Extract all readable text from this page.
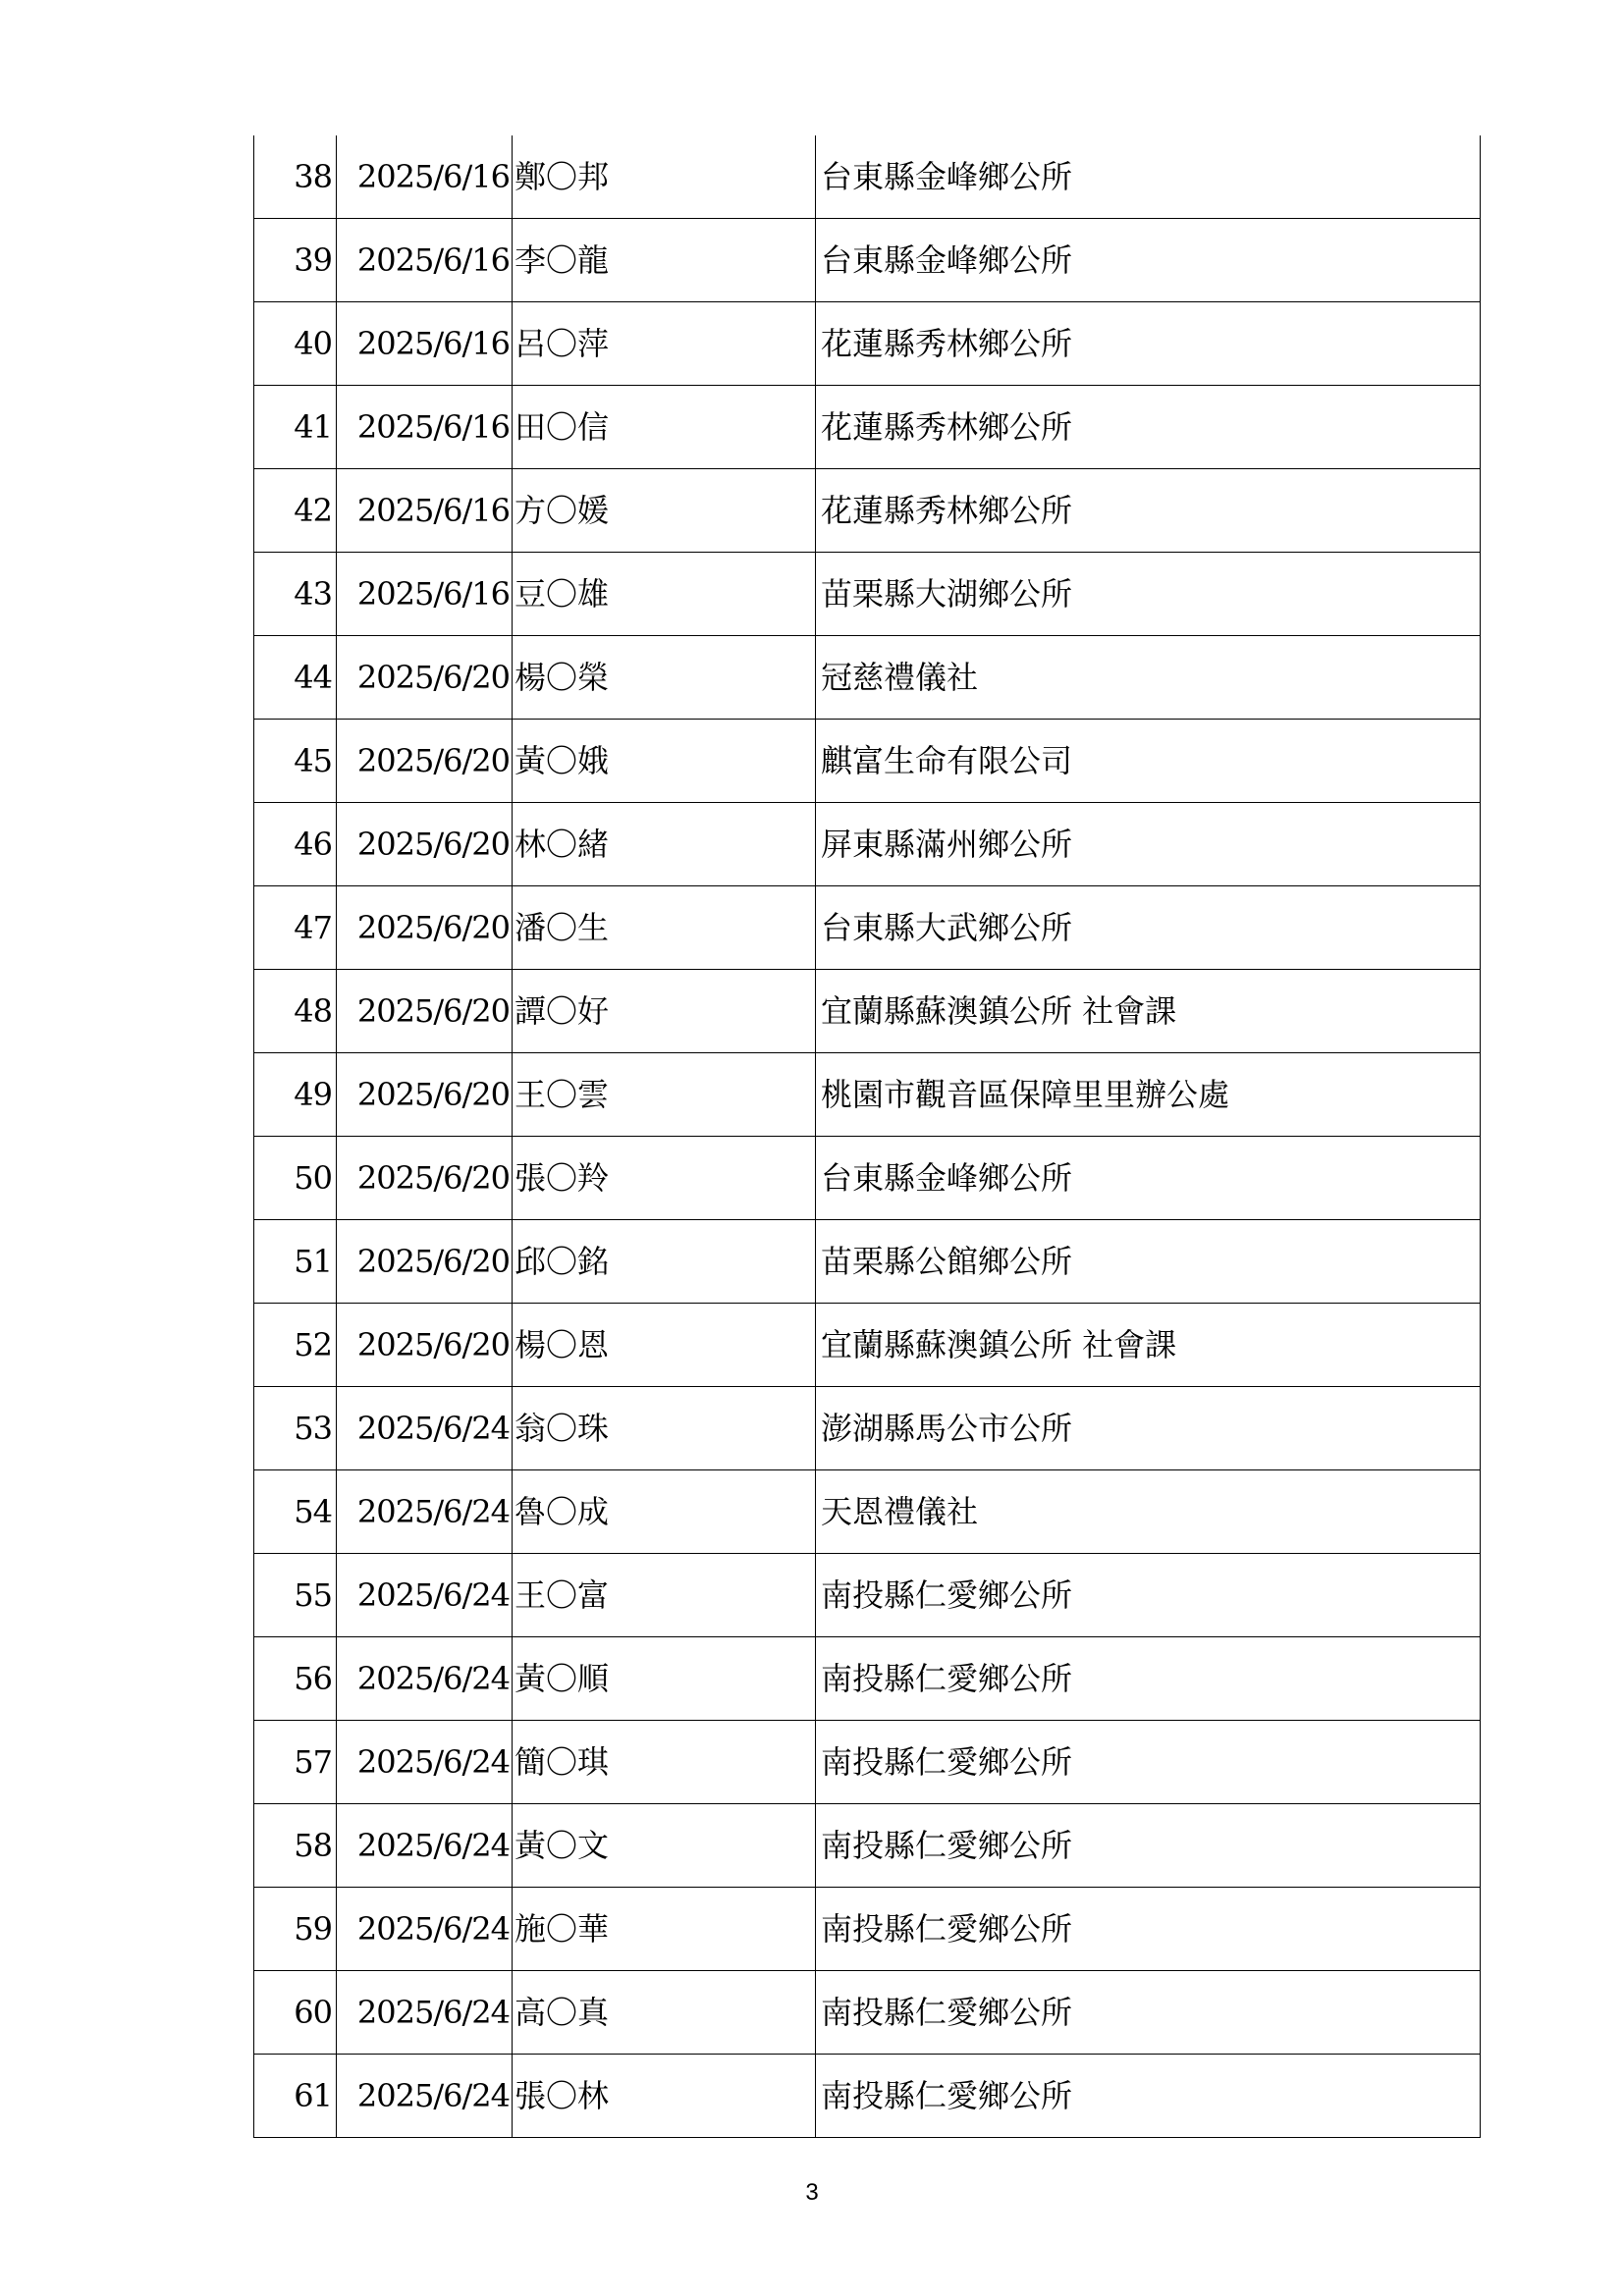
38	2025/6/16	鄭〇邦	台東縣金峰鄉公所
39	2025/6/16	李〇龍	台東縣金峰鄉公所
40	2025/6/16	呂〇萍	花蓮縣秀林鄉公所
41	2025/6/16	田〇信	花蓮縣秀林鄉公所
42	2025/6/16	方〇媛	花蓮縣秀林鄉公所
43	2025/6/16	豆〇雄	苗栗縣大湖鄉公所
44	2025/6/20	楊〇榮	冠慈禮儀社
45	2025/6/20	黃〇娥	麒富生命有限公司
46	2025/6/20	林〇緒	屏東縣滿州鄉公所
47	2025/6/20	潘〇生	台東縣大武鄉公所
48	2025/6/20	譚〇好	宜蘭縣蘇澳鎮公所 社會課
49	2025/6/20	王〇雲	桃園市觀音區保障里里辦公處
50	2025/6/20	張〇羚	台東縣金峰鄉公所
51	2025/6/20	邱〇銘	苗栗縣公館鄉公所
52	2025/6/20	楊〇恩	宜蘭縣蘇澳鎮公所 社會課
53	2025/6/24	翁〇珠	澎湖縣馬公市公所
54	2025/6/24	魯〇成	天恩禮儀社
55	2025/6/24	王〇富	南投縣仁愛鄉公所
56	2025/6/24	黃〇順	南投縣仁愛鄉公所
57	2025/6/24	簡〇琪	南投縣仁愛鄉公所
58	2025/6/24	黃〇文	南投縣仁愛鄉公所
59	2025/6/24	施〇華	南投縣仁愛鄉公所
60	2025/6/24	高〇真	南投縣仁愛鄉公所
61	2025/6/24	張〇林	南投縣仁愛鄉公所
3
